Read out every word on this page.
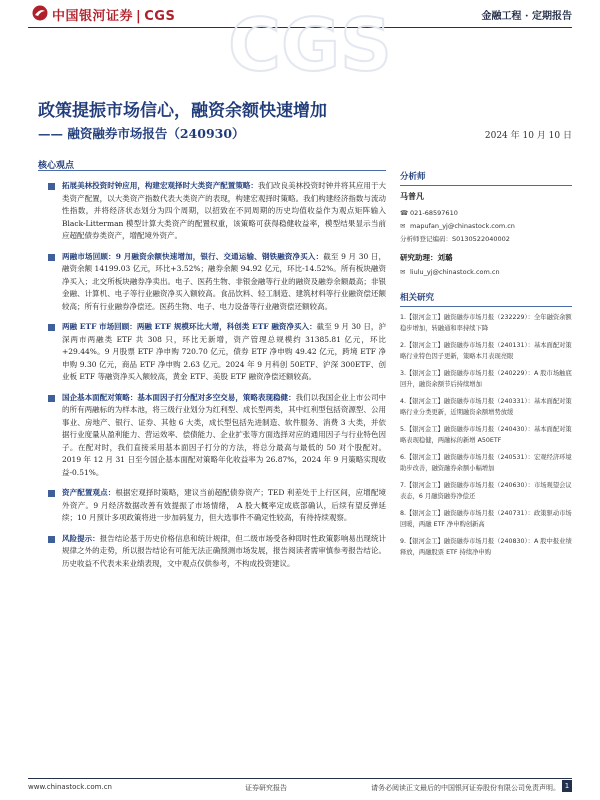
中国银河证券 | CGS	金融工程 · 定期报告
CGS
政策提振市场信心，融资余额快速增加
—— 融资融券市场报告（240930）	2024 年 10 月 10 日
核心观点
拓展美林投资时钟应用，构建宏观择时大类资产配置策略：我们改良美林投资时钟并将其应用于大类资产配置，以大类资产指数代表大类资产的表现，构建宏观择时策略。我们构建经济指数与流动性指数，并将经济状态划分为四个周期，以招致在不同周期的历史均值收益作为观点矩阵输入 Black-Litterman 模型计算大类资产的配置权重，该策略可获得稳健收益率，模型结果显示当前应超配债券类资产，增配境外资产。
两融市场回顾：9 月融资余额快速增加，银行、交通运输、钢铁融资净买入：截至 9 月 30 日，融资余额 14199.03 亿元，环比+3.52%；融券余额 94.92 亿元，环比-14.52%。所有板块融资净买入；北交所板块融券净卖出。电子、医药生物、非银金融等行业的融资及融券余额最高；非银金融、计算机、电子等行业融资净买入额较高。食品饮料、轻工制造、建筑材料等行业融资偿还额较高；所有行业融券净偿还。医药生物、电子、电力设备等行业融资偿还额较高。
两融 ETF 市场回顾：两融 ETF 规模环比大增，科创类 ETF 融资净买入：截至 9 月 30 日，沪深两市两融类 ETF 共 308 只，环比无新增，资产管理总规模约 31385.81 亿元，环比+29.44%。9 月股票 ETF 净申购 720.70 亿元，债券 ETF 净申购 49.42 亿元，跨境 ETF 净申购 9.30 亿元，商品 ETF 净申购 2.63 亿元。2024 年 9 月科创 50ETF、沪深 300ETF、创业板 ETF 等融资净买入额较高，黄金 ETF、美股 ETF 融资净偿还额较高。
国企基本面配对策略：基本面因子打分配对多空交易，策略表现稳健：我们以我国企业上市公司中的所有两融标的为样本池，将三级行业划分为红利型、成长型两类，其中红利型包括资源型、公用事业、房地产、银行、证券、其他 6 大类，成长型包括先进制造、软件服务、消费 3 大类，并依据行业度量从盈利能力、营运效率、偿债能力、企业扩张等方面选择对应的通用因子与行业特色因子。在配对时，我们直接采用基本面因子打分的方法，将总分最高与最低的 50 对个股配对。2019 年 12 月 31 日至今国企基本面配对策略年化收益率为 26.87%，2024 年 9 月策略实现收益-0.51%。
资产配置观点：根据宏观择时策略，建议当前超配债券资产；TED 利差处于上行区间，应增配境外资产。9 月经济数据改善有效提振了市场情绪， A 股大概率定成底部确认，后续有望反弹延续；10 月预计多项政策将进一步加码复力，但大选事件不确定性较高，有待持续观察。
风险提示：报告结论基于历史价格信息和统计规律，但二级市场受各种即时性政策影响易出现统计规律之外的走势，所以报告结论有可能无法正确预测市场发展，报告阅读者需审慎参考报告结论。历史收益不代表未来业绩表现，文中观点仅供参考，不构成投资建议。
分析师
马普凡
☎ 021-68597610
✉ mapufan_yj@chinastock.com.cn
分析师登记编码：S0130522040002
研究助理：刘璐
✉ liulu_yj@chinastock.com.cn
相关研究
1.【银河金工】融资融券市场月报（232229）：全年融资余额稳步增加，转融通和率持续下降
2.【银河金工】融资融券市场月报（240131）：基本面配对策略行业特色因子更新，策略本月表现亮眼
3.【银河金工】融资融券市场月报（240229）：A 股市场触底回升，融资余额节后持续增加
4.【银河金工】融资融券市场月报（240331）：基本面配对策略行业分类更新，近期融资余额增势放缓
5.【银河金工】融资融券市场月报（240430）：基本面配对策略表现稳健，两融标的新增 A50ETF
6.【银河金工】融资融券市场月报（240531）：宏观经济环境助步改善，融资融券余额小幅增加
7.【银河金工】融资融券市场月报（240630）：市场观望会议表态，6 月融资融券净偿还
8.【银河金工】融资融券市场月报（240731）：政策驱动市场回暖，两融 ETF 净申购创新高
9.【银河金工】融资融券市场月报（240830）：A 股中报业绩释放，两融股票 ETF 持续净申购
www.chinastock.com.cn	证券研究报告	请务必阅读正文最后的中国银河证券股份有限公司免责声明。 1
